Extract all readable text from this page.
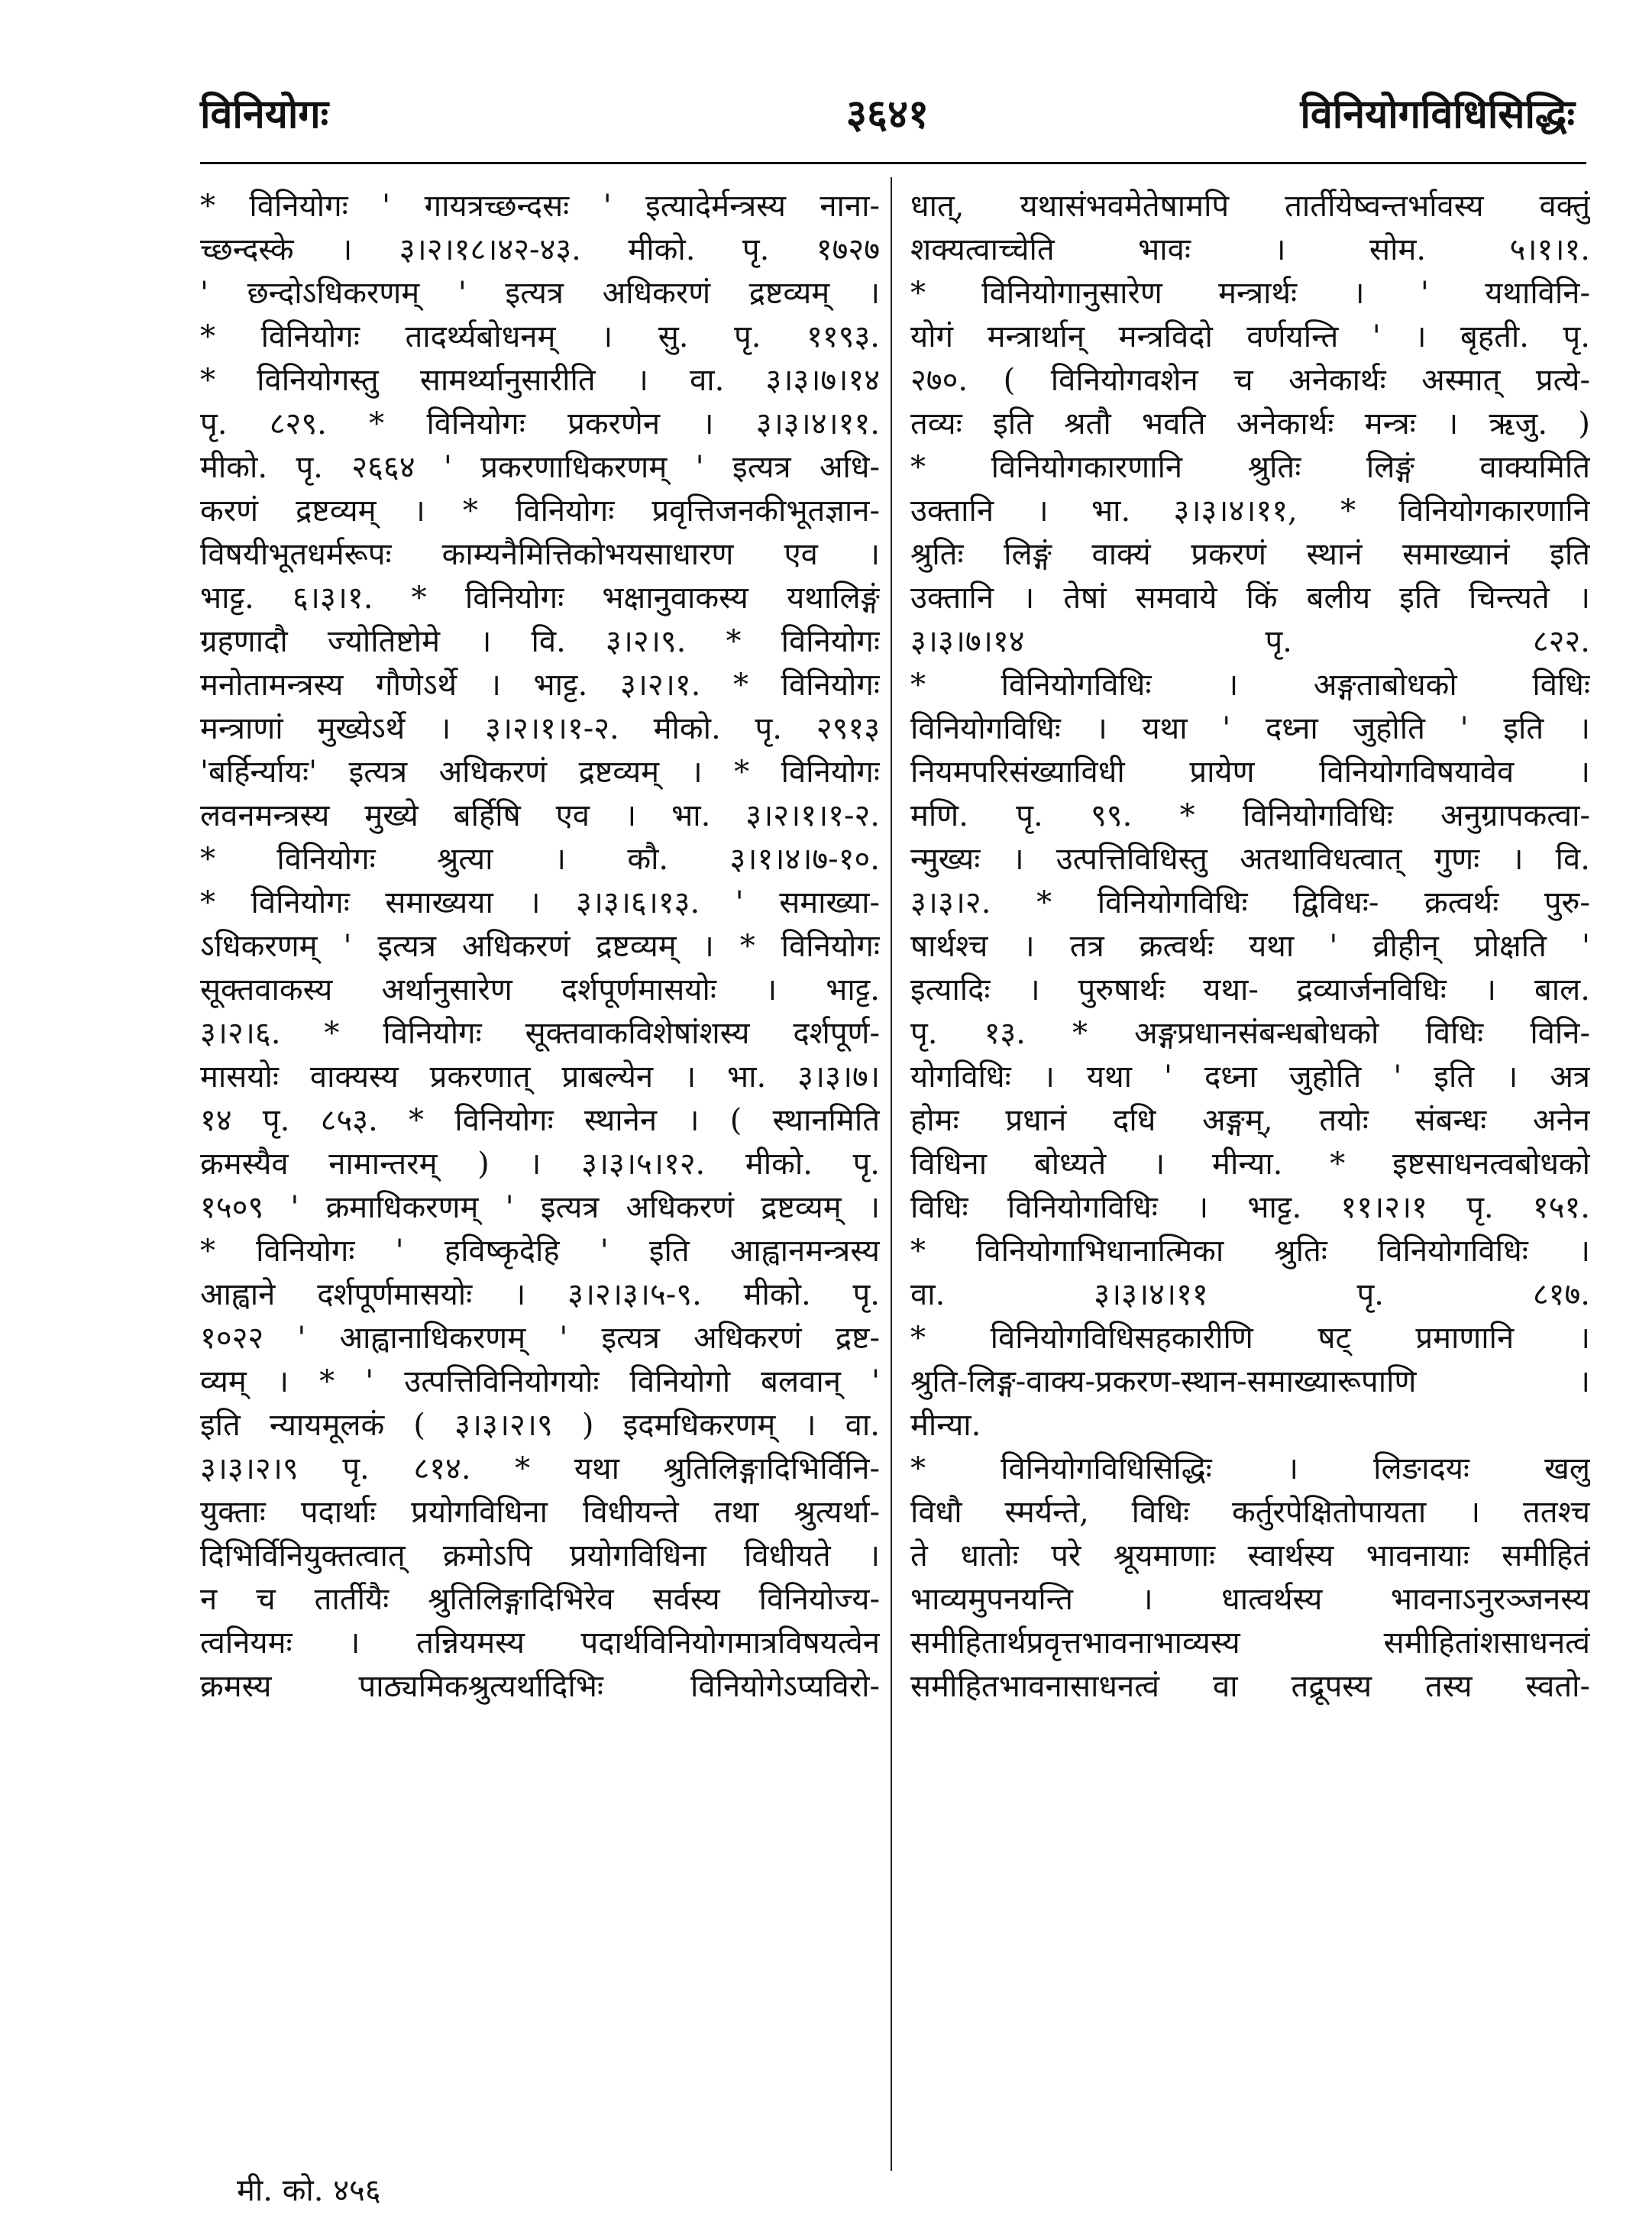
विनियोगः	३६४१	विनियोगविधिसिद्धिः
* विनियोगः ' गायत्रच्छन्दसः ' इत्यादेर्मन्त्रस्य नाना-
च्छन्दस्के । ३।२।१८।४२-४३. मीको. पृ. १७२७
' छन्दोऽधिकरणम् ' इत्यत्र अधिकरणं द्रष्टव्यम् ।
* विनियोगः तादर्थ्यबोधनम् । सु. पृ. ११९३.
* विनियोगस्तु सामर्थ्यानुसारीति । वा. ३।३।७।१४
पृ. ८२९. * विनियोगः प्रकरणेन । ३।३।४।११.
मीको. पृ. २६६४ ' प्रकरणाधिकरणम् ' इत्यत्र अधि-
करणं द्रष्टव्यम् । * विनियोगः प्रवृत्तिजनकीभूतज्ञान-
विषयीभूतधर्मरूपः काम्यनैमित्तिकोभयसाधारण एव ।
भाट्ट. ६।३।१. * विनियोगः भक्षानुवाकस्य यथालिङ्गं
ग्रहणादौ ज्योतिष्टोमे । वि. ३।२।९. * विनियोगः
मनोतामन्त्रस्य गौणेऽर्थे । भाट्ट. ३।२।१. * विनियोगः
मन्त्राणां मुख्येऽर्थे । ३।२।१।१-२. मीको. पृ. २९१३
'बर्हिर्न्यायः' इत्यत्र अधिकरणं द्रष्टव्यम् । * विनियोगः
लवनमन्त्रस्य मुख्ये बर्हिषि एव । भा. ३।२।१।१-२.
* विनियोगः श्रुत्या । कौ. ३।१।४।७-१०.
* विनियोगः समाख्यया । ३।३।६।१३. ' समाख्या-
ऽधिकरणम् ' इत्यत्र अधिकरणं द्रष्टव्यम् । * विनियोगः
सूक्तवाकस्य अर्थानुसारेण दर्शपूर्णमासयोः । भाट्ट.
३।२।६. * विनियोगः सूक्तवाकविशेषांशस्य दर्शपूर्ण-
मासयोः वाक्यस्य प्रकरणात् प्राबल्येन । भा. ३।३।७।
१४ पृ. ८५३. * विनियोगः स्थानेन । ( स्थानमिति
क्रमस्यैव नामान्तरम् ) । ३।३।५।१२. मीको. पृ.
१५०९ ' क्रमाधिकरणम् ' इत्यत्र अधिकरणं द्रष्टव्यम् ।
* विनियोगः ' हविष्कृदेहि ' इति आह्वानमन्त्रस्य
आह्वाने दर्शपूर्णमासयोः । ३।२।३।५-९. मीको. पृ.
१०२२ ' आह्वानाधिकरणम् ' इत्यत्र अधिकरणं द्रष्ट-
व्यम् । * ' उत्पत्तिविनियोगयोः विनियोगो बलवान् '
इति न्यायमूलकं ( ३।३।२।९ ) इदमधिकरणम् । वा.
३।३।२।९ पृ. ८१४. * यथा श्रुतिलिङ्गादिभिर्विनि-
युक्ताः पदार्थाः प्रयोगविधिना विधीयन्ते तथा श्रुत्यर्था-
दिभिर्विनियुक्तत्वात् क्रमोऽपि प्रयोगविधिना विधीयते ।
न च तार्तीयैः श्रुतिलिङ्गादिभिरेव सर्वस्य विनियोज्य-
त्वनियमः । तन्नियमस्य पदार्थविनियोगमात्रविषयत्वेन
क्रमस्य पाठ्यमिकश्रुत्यर्थादिभिः विनियोगेऽप्यविरो-
धात्, यथासंभवमेतेषामपि तार्तीयेष्वन्तर्भावस्य वक्तुं
शक्यत्वाच्चेति भावः । सोम. ५।१।१.
* विनियोगानुसारेण मन्त्रार्थः । ' यथाविनि-
योगं मन्त्रार्थान् मन्त्रविदो वर्णयन्ति ' । बृहती. पृ.
२७०. ( विनियोगवशेन च अनेकार्थः अस्मात् प्रत्ये-
तव्यः इति श्रतौ भवति अनेकार्थः मन्त्रः । ऋजु. )
* विनियोगकारणानि श्रुतिः लिङ्गं वाक्यमिति
उक्तानि । भा. ३।३।४।११, * विनियोगकारणानि
श्रुतिः लिङ्गं वाक्यं प्रकरणं स्थानं समाख्यानं इति
उक्तानि । तेषां समवाये किं बलीय इति चिन्त्यते ।
३।३।७।१४ पृ. ८२२.
* विनियोगविधिः । अङ्गताबोधको विधिः
विनियोगविधिः । यथा ' दध्ना जुहोति ' इति ।
नियमपरिसंख्याविधी प्रायेण विनियोगविषयावेव ।
मणि. पृ. ९९. * विनियोगविधिः अनुग्रापकत्वा-
न्मुख्यः । उत्पत्तिविधिस्तु अतथाविधत्वात् गुणः । वि.
३।३।२. * विनियोगविधिः द्विविधः- क्रत्वर्थः पुरु-
षार्थश्च । तत्र क्रत्वर्थः यथा ' व्रीहीन् प्रोक्षति '
इत्यादिः । पुरुषार्थः यथा- द्रव्यार्जनविधिः । बाल.
पृ. १३. * अङ्गप्रधानसंबन्धबोधको विधिः विनि-
योगविधिः । यथा ' दध्ना जुहोति ' इति । अत्र
होमः प्रधानं दधि अङ्गम्, तयोः संबन्धः अनेन
विधिना बोध्यते । मीन्या. * इष्टसाधनत्वबोधको
विधिः विनियोगविधिः । भाट्ट. ११।२।१ पृ. १५१.
* विनियोगाभिधानात्मिका श्रुतिः विनियोगविधिः ।
वा. ३।३।४।११ पृ. ८१७.
* विनियोगविधिसहकारीणि षट् प्रमाणानि ।
श्रुति-लिङ्ग-वाक्य-प्रकरण-स्थान-समाख्यारूपाणि ।
मीन्या.
* विनियोगविधिसिद्धिः । लिङादयः खलु
विधौ स्मर्यन्ते, विधिः कर्तुरपेक्षितोपायता । ततश्च
ते धातोः परे श्रूयमाणाः स्वार्थस्य भावनायाः समीहितं
भाव्यमुपनयन्ति । धात्वर्थस्य भावनाऽनुरञ्जनस्य
समीहितार्थप्रवृत्तभावनाभाव्यस्य समीहितांशसाधनत्वं
समीहितभावनासाधनत्वं वा तद्रूपस्य तस्य स्वतो-
मी. को. ४५६
